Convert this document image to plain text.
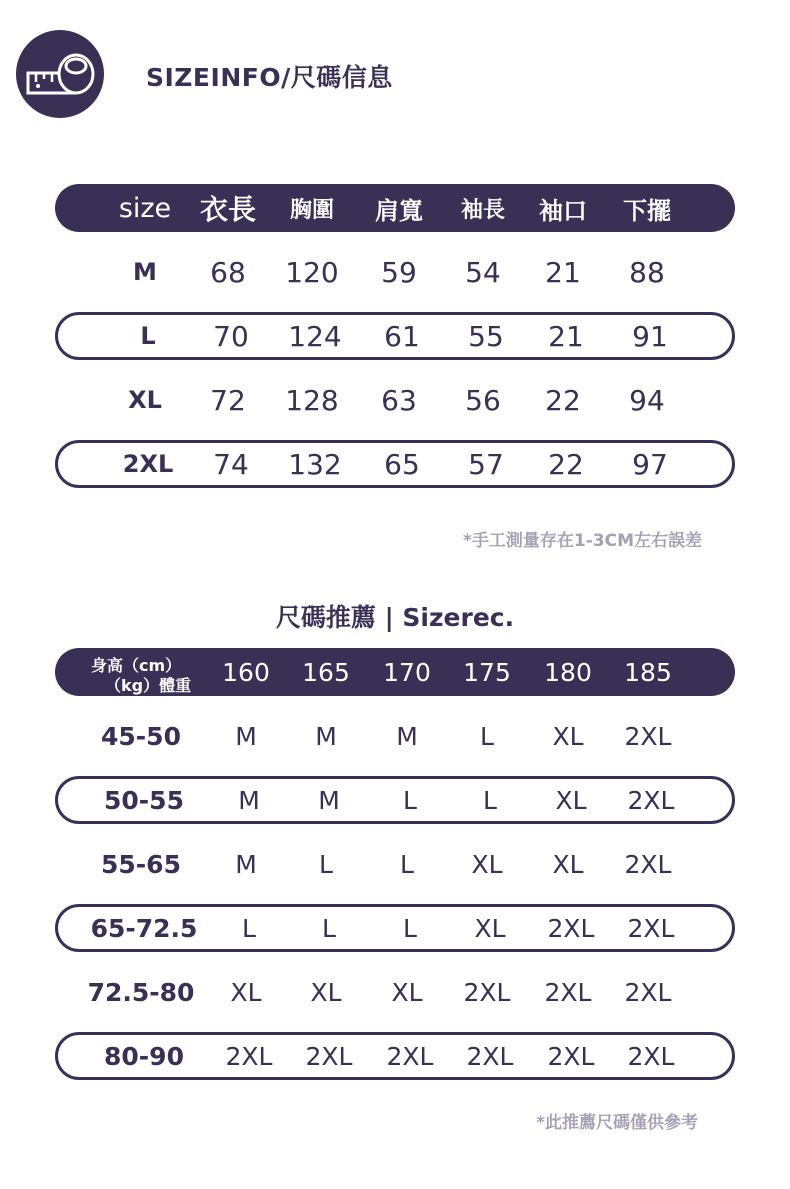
SIZEINFO/尺碼信息
size 衣長 胸圍 肩寬 袖長 袖口 下擺
M 68 120 59 54 21 88
L 70 124 61 55 21 91
XL 72 128 63 56 22 94
2XL 74 132 65 57 22 97
*手工測量存在1-3CM左右誤差
尺碼推薦 | Sizerec.
身高（cm）
（kg）體重 160 165 170 175 180 185
45-50 M M M L XL 2XL
50-55 M M	L	L XL 2XL
55-65 M L	L XL XL 2XL
65-72.5 L	L	L XL 2XL 2XL
72.5-80 XL XL XL 2XL 2XL 2XL
80-90 2XL 2XL 2XL 2XL 2XL 2XL
*此推薦尺碼僅供參考
